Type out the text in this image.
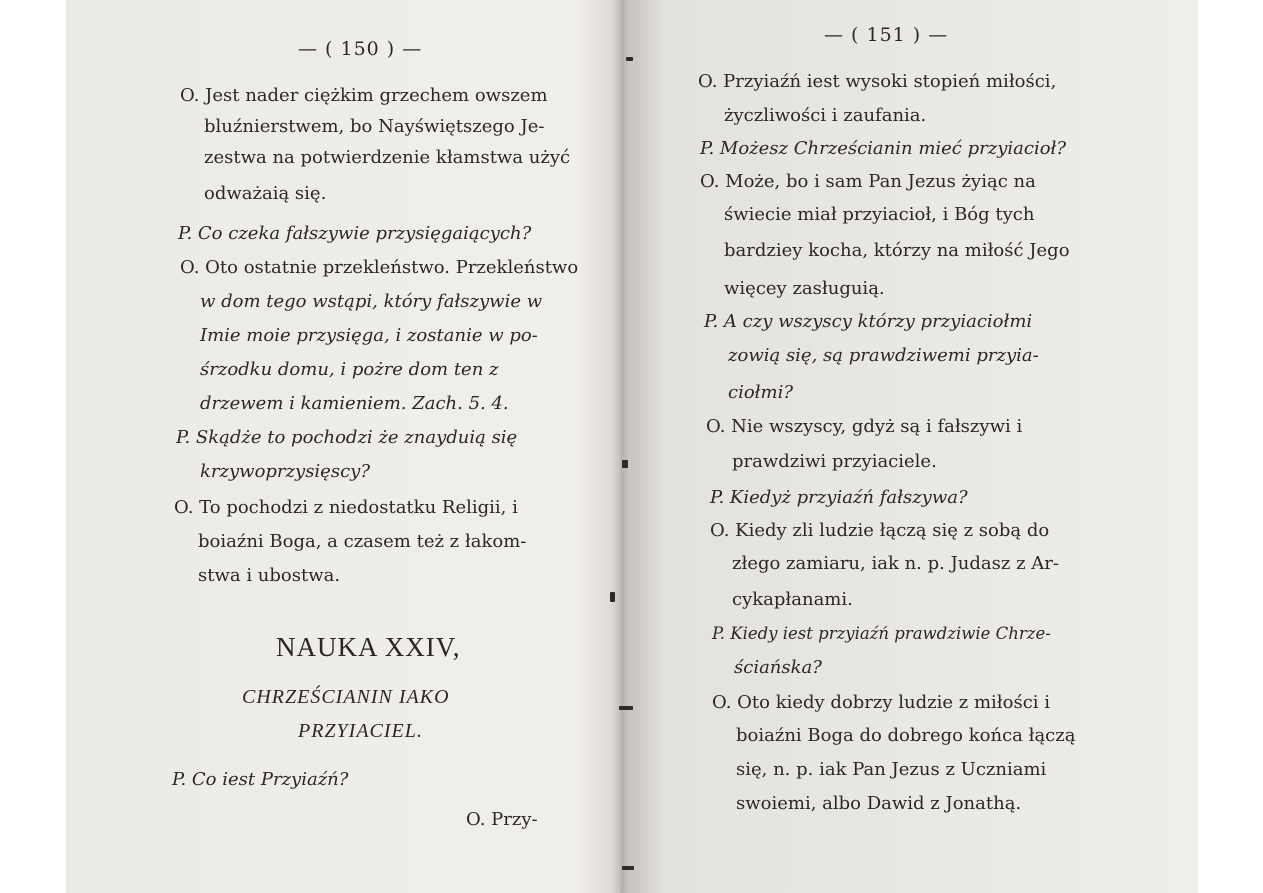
— ( 150 ) —
O. Jest nader ciężkim grzechem owszem
bluźnierstwem, bo Nayświętszego Je-
zestwa na potwierdzenie kłamstwa użyć
odważaią się.
P. Co czeka fałszywie przysięgaiących?
O. Oto ostatnie przekleństwo. Przekleństwo
w dom tego wstąpi, który fałszywie w
Imie moie przysięga, i zostanie w po-
śrzodku domu, i pożre dom ten z
drzewem i kamieniem. Zach. 5. 4.
P. Skądże to pochodzi że znayduią się
krzywoprzysięscy?
O. To pochodzi z niedostatku Religii, i
boiaźni Boga, a czasem też z łakom-
stwa i ubostwa.
NAUKA XXIV,
CHRZEŚCIANIN IAKO
PRZYIACIEL.
P. Co iest Przyiaźń?
O. Przy-
— ( 151 ) —
O. Przyiaźń iest wysoki stopień miłości,
życzliwości i zaufania.
P. Możesz Chrześcianin mieć przyiacioł?
O. Może, bo i sam Pan Jezus żyiąc na
świecie miał przyiacioł, i Bóg tych
bardziey kocha, którzy na miłość Jego
więcey zasługuią.
P. A czy wszyscy którzy przyiaciołmi
zowią się, są prawdziwemi przyia-
ciołmi?
O. Nie wszyscy, gdyż są i fałszywi i
prawdziwi przyiaciele.
P. Kiedyż przyiaźń fałszywa?
O. Kiedy zli ludzie łączą się z sobą do
złego zamiaru, iak n. p. Judasz z Ar-
cykapłanami.
P. Kiedy iest przyiaźń prawdziwie Chrze-
ściańska?
O. Oto kiedy dobrzy ludzie z miłości i
boiaźni Boga do dobrego końca łączą
się, n. p. iak Pan Jezus z Uczniami
swoiemi, albo Dawid z Jonathą.
